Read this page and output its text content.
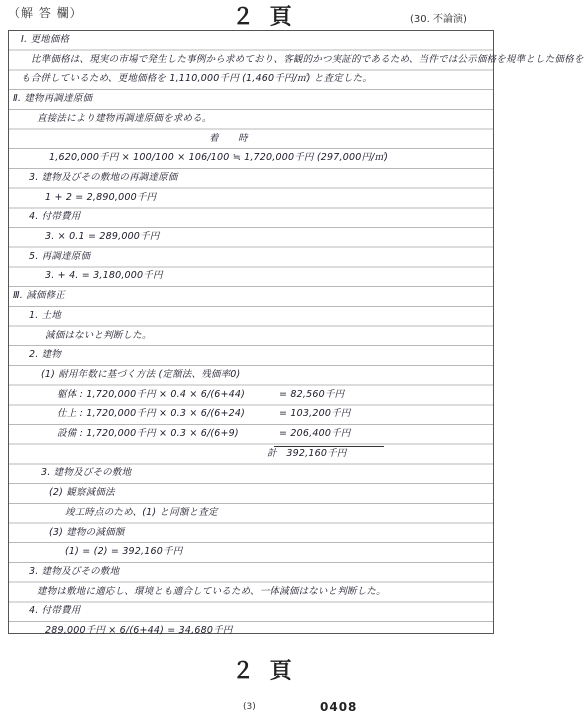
（解 答 欄）	２ 頁	(30. 不論演)
Ⅰ. 更地価格
比準価格は、現実の市場で発生した事例から求めており、客観的かつ実証的であるため、当件では公示価格を規準とした価格を
も合併しているため、更地価格を 1,110,000千円 (1,460千円/㎡) と査定した。
Ⅱ. 建物再調達原価
直接法により建物再調達原価を求める。
着　　時
1,620,000千円 × 100/100 × 106/100 ≒ 1,720,000千円 (297,000円/㎡)
3. 建物及びその敷地の再調達原価
1 + 2 = 2,890,000千円
4. 付帯費用
3. × 0.1 = 289,000千円
5. 再調達原価
3. + 4. = 3,180,000千円
Ⅲ. 減価修正
1. 土地
減価はないと判断した。
2. 建物
(1) 耐用年数に基づく方法 (定額法、残価率0)
躯体 : 1,720,000千円 × 0.4 × 6/(6+44)	= 82,560千円
仕上 : 1,720,000千円 × 0.3 × 6/(6+24)	= 103,200千円
設備 : 1,720,000千円 × 0.3 × 6/(6+9)	= 206,400千円
計　392,160千円
3. 建物及びその敷地
(2) 観察減価法
竣工時点のため、(1) と同額と査定
(3) 建物の減価額
(1) = (2) = 392,160千円
3. 建物及びその敷地
建物は敷地に適応し、環境とも適合しているため、一体減価はないと判断した。
4. 付帯費用
289,000千円 × 6/(6+44) = 34,680千円
２ 頁
(3)	0408
